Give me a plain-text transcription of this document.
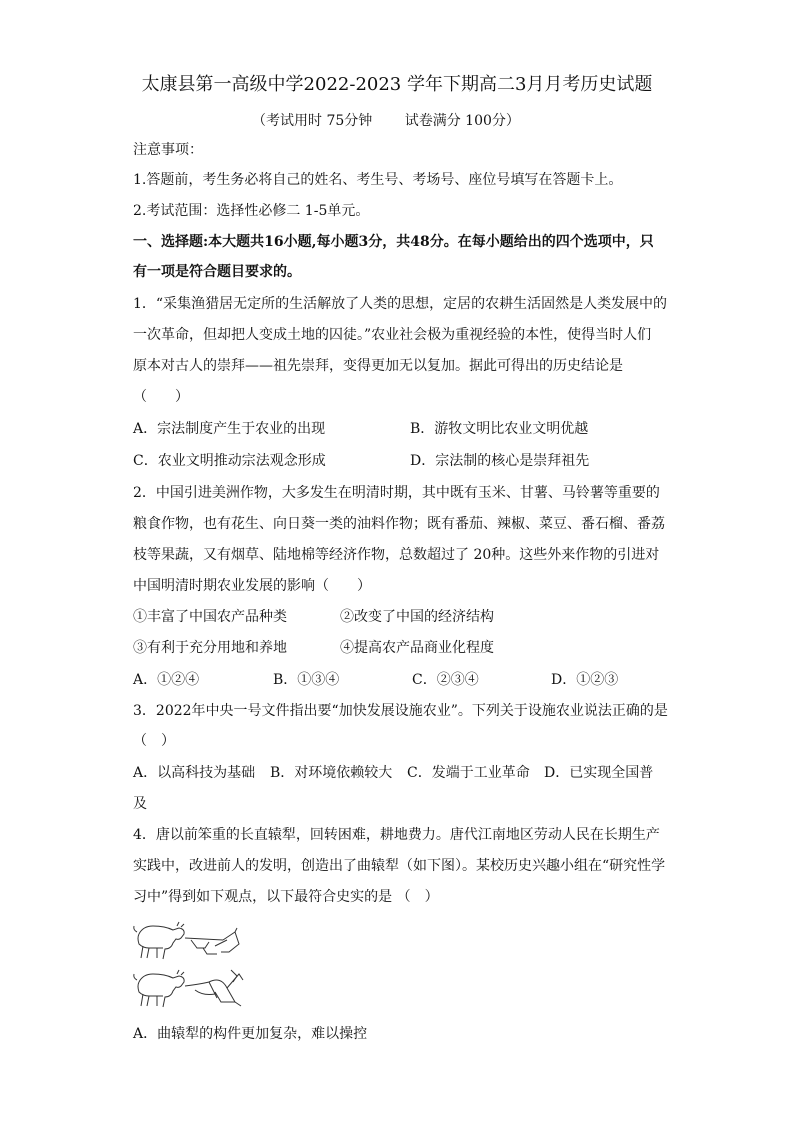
太康县第一高级中学2022-2023 学年下期高二3月月考历史试题
（考试用时 75分钟 试卷满分 100分）
注意事项：
1.答题前，考生务必将自己的姓名、考生号、考场号、座位号填写在答题卡上。
2.考试范围：选择性必修二 1-5单元。
一、选择题:本大题共16小题,每小题3分，共48分。在每小题给出的四个选项中，只
有一项是符合题目要求的。
1．“采集渔猎居无定所的生活解放了人类的思想，定居的农耕生活固然是人类发展中的
一次革命，但却把人变成土地的囚徒。”农业社会极为重视经验的本性，使得当时人们
原本对古人的崇拜——祖先崇拜，变得更加无以复加。据此可得出的历史结论是
（　　）
A．宗法制度产生于农业的出现	B．游牧文明比农业文明优越
C．农业文明推动宗法观念形成	D．宗法制的核心是崇拜祖先
2．中国引进美洲作物，大多发生在明清时期，其中既有玉米、甘薯、马铃薯等重要的
粮食作物，也有花生、向日葵一类的油料作物；既有番茄、辣椒、菜豆、番石榴、番荔
枝等果蔬，又有烟草、陆地棉等经济作物，总数超过了 20种。这些外来作物的引进对
中国明清时期农业发展的影响（　　）
①丰富了中国农产品种类	②改变了中国的经济结构
③有利于充分用地和养地	④提高农产品商业化程度
A．①②④	B．①③④	C．②③④	D．①②③
3．2022年中央一号文件指出要“加快发展设施农业”。下列关于设施农业说法正确的是
（　）
A．以高科技为基础 B．对环境依赖较大 C．发端于工业革命 D．已实现全国普
及
4．唐以前笨重的长直辕犁，回转困难，耕地费力。唐代江南地区劳动人民在长期生产
实践中，改进前人的发明，创造出了曲辕犁（如下图）。某校历史兴趣小组在“研究性学
习中”得到如下观点，以下最符合史实的是 （　）
A．曲辕犁的构件更加复杂，难以操控
